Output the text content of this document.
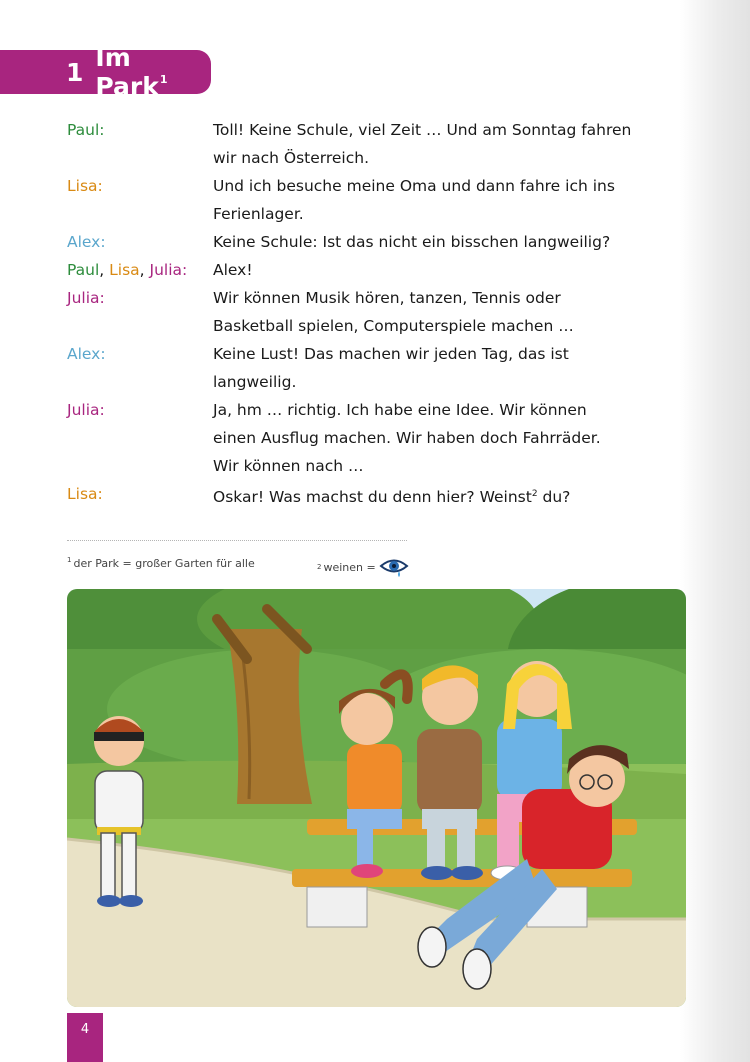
1 Im Park$^1$
Paul:	Toll! Keine Schule, viel Zeit … Und am Sonntag fahren
wir nach Österreich.
Lisa:	Und ich besuche meine Oma und dann fahre ich ins
Ferienlager.
Alex:	Keine Schule: Ist das nicht ein bisschen langweilig?
Paul, Lisa, Julia:	Alex!
Julia:	Wir können Musik hören, tanzen, Tennis oder
Basketball spielen, Computerspiele machen …
Alex:	Keine Lust! Das machen wir jeden Tag, das ist
langweilig.
Julia:	Ja, hm … richtig. Ich habe eine Idee. Wir können
einen Ausflug machen. Wir haben doch Fahrräder.
Wir können nach …
Lisa:	Oskar! Was machst du denn hier? Weinst$^2$ du?
$^1$ der Park = großer Garten für alle	2 weinen =
4
